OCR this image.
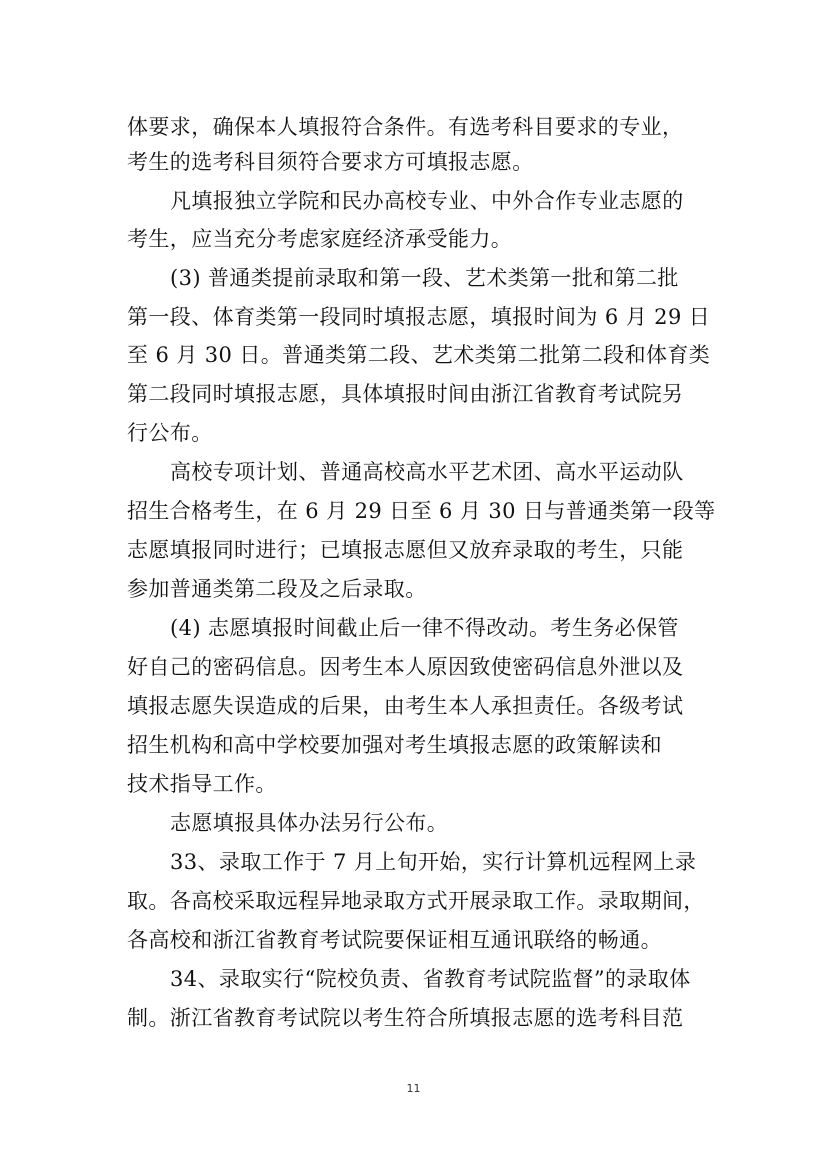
体要求，确保本人填报符合条件。有选考科目要求的专业，
考生的选考科目须符合要求方可填报志愿。
凡填报独立学院和民办高校专业、中外合作专业志愿的
考生，应当充分考虑家庭经济承受能力。
(3) 普通类提前录取和第一段、艺术类第一批和第二批
第一段、体育类第一段同时填报志愿，填报时间为 6 月 29 日
至 6 月 30 日。普通类第二段、艺术类第二批第二段和体育类
第二段同时填报志愿，具体填报时间由浙江省教育考试院另
行公布。
高校专项计划、普通高校高水平艺术团、高水平运动队
招生合格考生，在 6 月 29 日至 6 月 30 日与普通类第一段等
志愿填报同时进行；已填报志愿但又放弃录取的考生，只能
参加普通类第二段及之后录取。
(4) 志愿填报时间截止后一律不得改动。考生务必保管
好自己的密码信息。因考生本人原因致使密码信息外泄以及
填报志愿失误造成的后果，由考生本人承担责任。各级考试
招生机构和高中学校要加强对考生填报志愿的政策解读和
技术指导工作。
志愿填报具体办法另行公布。
33、录取工作于 7 月上旬开始，实行计算机远程网上录
取。各高校采取远程异地录取方式开展录取工作。录取期间，
各高校和浙江省教育考试院要保证相互通讯联络的畅通。
34、录取实行“院校负责、省教育考试院监督”的录取体
制。浙江省教育考试院以考生符合所填报志愿的选考科目范
11
